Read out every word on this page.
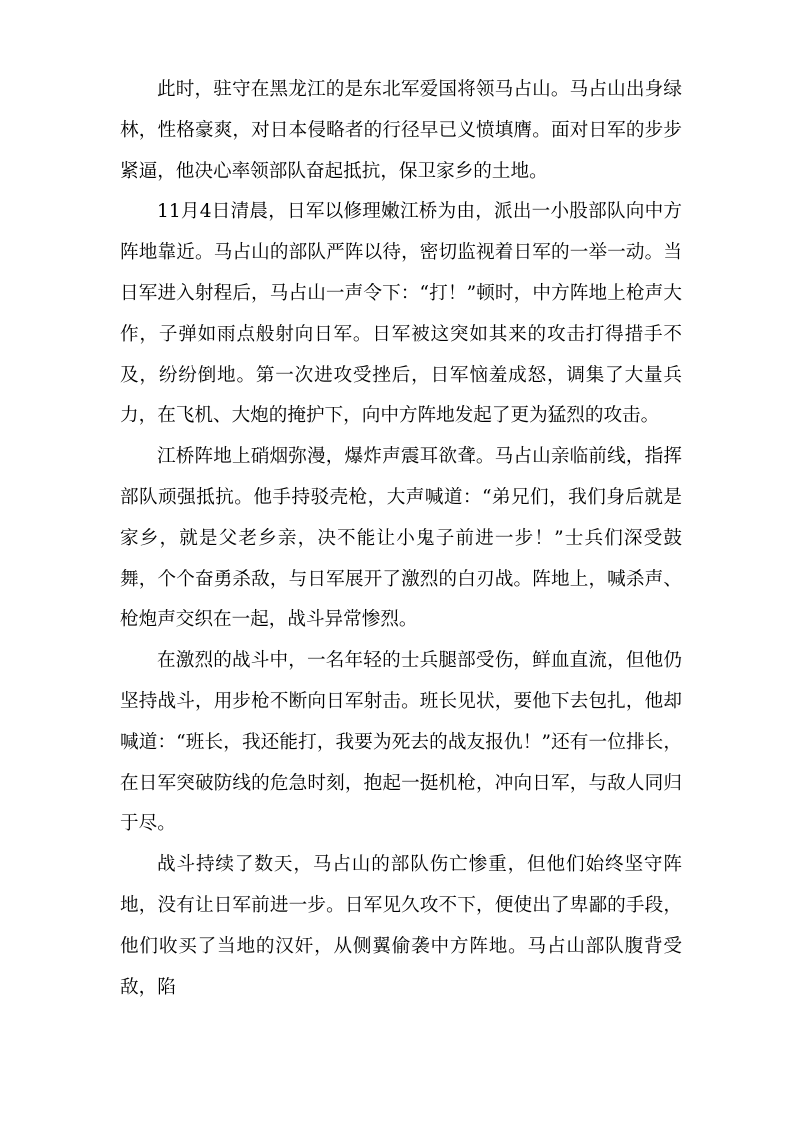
此时，驻守在黑龙江的是东北军爱国将领马占山。马占山出身绿林，性格豪爽，对日本侵略者的行径早已义愤填膺。面对日军的步步紧逼，他决心率领部队奋起抵抗，保卫家乡的土地。

11月4日清晨，日军以修理嫩江桥为由，派出一小股部队向中方阵地靠近。马占山的部队严阵以待，密切监视着日军的一举一动。当日军进入射程后，马占山一声令下：“打！”顿时，中方阵地上枪声大作，子弹如雨点般射向日军。日军被这突如其来的攻击打得措手不及，纷纷倒地。第一次进攻受挫后，日军恼羞成怒，调集了大量兵力，在飞机、大炮的掩护下，向中方阵地发起了更为猛烈的攻击。

江桥阵地上硝烟弥漫，爆炸声震耳欲聋。马占山亲临前线，指挥部队顽强抵抗。他手持驳壳枪，大声喊道：“弟兄们，我们身后就是家乡，就是父老乡亲，决不能让小鬼子前进一步！”士兵们深受鼓舞，个个奋勇杀敌，与日军展开了激烈的白刃战。阵地上，喊杀声、枪炮声交织在一起，战斗异常惨烈。

在激烈的战斗中，一名年轻的士兵腿部受伤，鲜血直流，但他仍坚持战斗，用步枪不断向日军射击。班长见状，要他下去包扎，他却喊道：“班长，我还能打，我要为死去的战友报仇！”还有一位排长，在日军突破防线的危急时刻，抱起一挺机枪，冲向日军，与敌人同归于尽。

战斗持续了数天，马占山的部队伤亡惨重，但他们始终坚守阵地，没有让日军前进一步。日军见久攻不下，便使出了卑鄙的手段，他们收买了当地的汉奸，从侧翼偷袭中方阵地。马占山部队腹背受敌，陷
